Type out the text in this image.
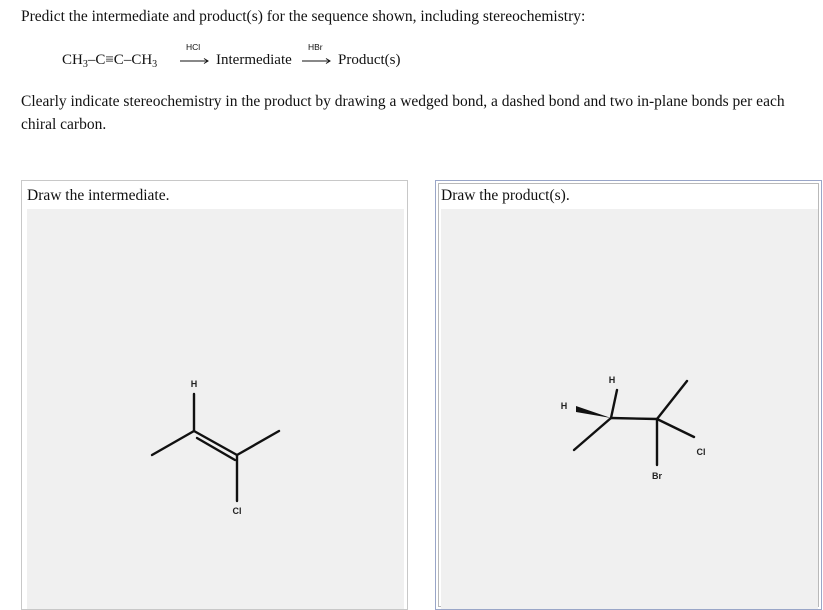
Predict the intermediate and product(s) for the sequence shown, including stereochemistry:
$CH_3-C\equiv C-CH_3$
HCl
Intermediate
HBr
Product(s)
Clearly indicate stereochemistry in the product by drawing a wedged bond, a dashed bond and two in-plane bonds per each chiral carbon.
Draw the intermediate.
H
Cl
Draw the product(s).
H
H
Br
Cl
